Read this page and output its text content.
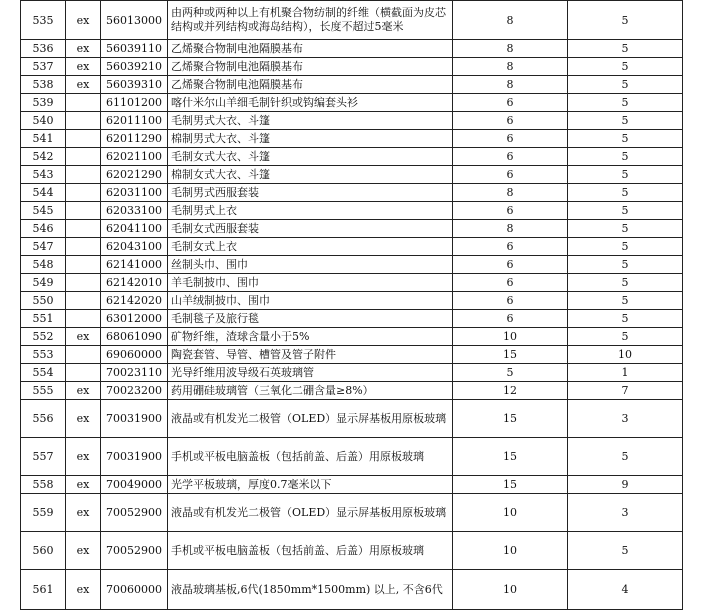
535	ex	56013000	由两种或两种以上有机聚合物纺制的纤维（横截面为皮芯结构或并列结构或海岛结构），长度不超过5毫米	8	5
536	ex	56039110	乙烯聚合物制电池隔膜基布	8	5
537	ex	56039210	乙烯聚合物制电池隔膜基布	8	5
538	ex	56039310	乙烯聚合物制电池隔膜基布	8	5
539		61101200	喀什米尔山羊细毛制针织或钩编套头衫	6	5
540		62011100	毛制男式大衣、斗篷	6	5
541		62011290	棉制男式大衣、斗篷	6	5
542		62021100	毛制女式大衣、斗篷	6	5
543		62021290	棉制女式大衣、斗篷	6	5
544		62031100	毛制男式西服套装	8	5
545		62033100	毛制男式上衣	6	5
546		62041100	毛制女式西服套装	8	5
547		62043100	毛制女式上衣	6	5
548		62141000	丝制头巾、围巾	6	5
549		62142010	羊毛制披巾、围巾	6	5
550		62142020	山羊绒制披巾、围巾	6	5
551		63012000	毛制毯子及旅行毯	6	5
552	ex	68061090	矿物纤维，渣球含量小于5%	10	5
553		69060000	陶瓷套管、导管、槽管及管子附件	15	10
554		70023110	光导纤维用波导级石英玻璃管	5	1
555	ex	70023200	药用硼硅玻璃管（三氧化二硼含量≥8%）	12	7
556	ex	70031900	液晶或有机发光二极管（OLED）显示屏基板用原板玻璃	15	3
557	ex	70031900	手机或平板电脑盖板（包括前盖、后盖）用原板玻璃	15	5
558	ex	70049000	光学平板玻璃，厚度0.7毫米以下	15	9
559	ex	70052900	液晶或有机发光二极管（OLED）显示屏基板用原板玻璃	10	3
560	ex	70052900	手机或平板电脑盖板（包括前盖、后盖）用原板玻璃	10	5
561	ex	70060000	液晶玻璃基板,6代(1850mm*1500mm) 以上, 不含6代	10	4
